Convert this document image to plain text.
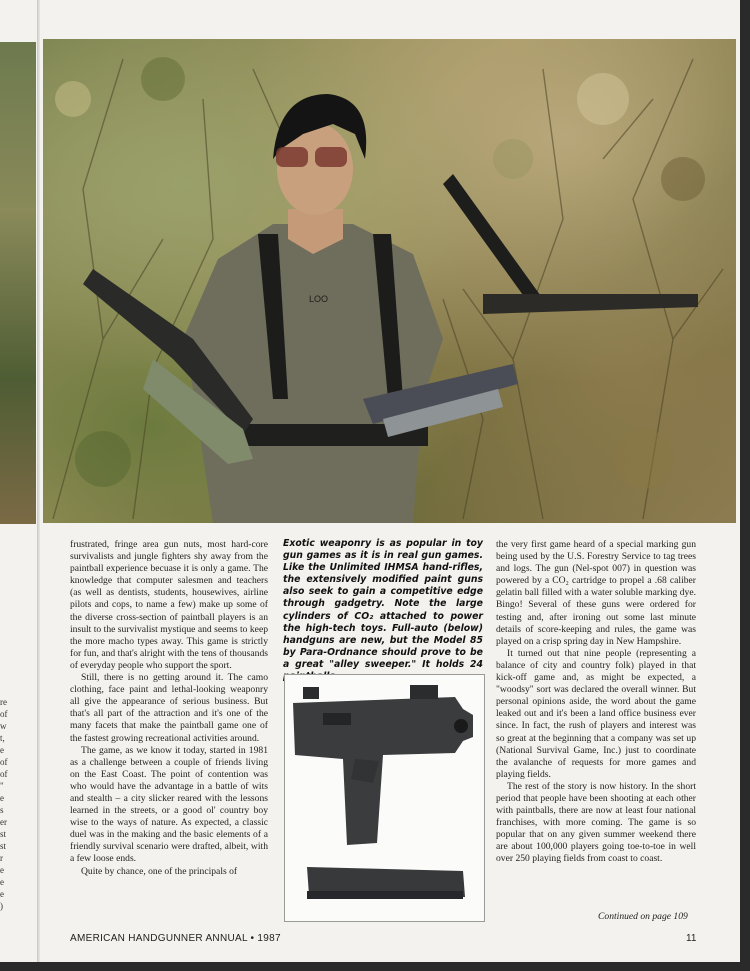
re
of
w
t,
e
of
of
"
e
s
er
st
st
r
e
e
e
)
LOO

frustrated, fringe area gun nuts, most hard-core survivalists and jungle fighters shy away from the paintball experience becuase it is only a game. The knowledge that computer salesmen and teachers (as well as dentists, students, housewives, airline pilots and cops, to name a few) make up some of the diverse cross-section of paintball players is an insult to the survivalist mystique and seems to keep the more macho types away. This game is strictly for fun, and that's alright with the tens of thousands of everyday people who support the sport.

Still, there is no getting around it. The camo clothing, face paint and lethal-looking weaponry all give the appearance of serious business. But that's all part of the attraction and it's one of the many facets that make the paintball game one of the fastest growing recreational activities around.

The game, as we know it today, started in 1981 as a challenge between a couple of friends living on the East Coast. The point of contention was who would have the advantage in a battle of wits and stealth – a city slicker reared with the lessons learned in the streets, or a good ol' country boy wise to the ways of nature. As expected, a classic duel was in the making and the basic elements of a friendly survival scenario were drafted, albeit, with a few loose ends.

Quite by chance, one of the principals of

Exotic weaponry is as popular in toy gun games as it is in real gun games. Like the Unlimited IHMSA hand-rifles, the extensively modified paint guns also seek to gain a competitive edge through gadgetry. Note the large cylinders of CO₂ attached to power the high-tech toys. Full-auto (below) handguns are new, but the Model 85 by Para-Ordnance should prove to be a great "alley sweeper." It holds 24

the very first game heard of a special marking gun being used by the U.S. Forestry Service to tag trees and logs. The gun (Nel-spot 007) in question was powered by a CO₂ cartridge to propel a .68 caliber gelatin ball filled with a water soluble marking dye. Bingo! Several of these guns were ordered for testing and, after ironing out some last minute details of score-keeping and rules, the game was played on a crisp spring day in New Hampshire.

It turned out that nine people (representing a balance of city and country folk) played in that kick-off game and, as might be expected, a "woodsy" sort was declared the overall winner. But personal opinions aside, the word about the game leaked out and it's been a land office business ever since. In fact, the rush of players and interest was so great at the beginning that a company was set up (National Survival Game, Inc.) just to coordinate the avalanche of requests for more games and playing fields.

The rest of the story is now history. In the short period that people have been shooting at each other with paintballs, there are now at least four national franchises, with more coming. The game is so popular that on any given summer weekend there are about 100,000 players going toe-to-toe in well over 250 playing fields from coast to coast.

Continued on page 109
AMERICAN HANDGUNNER ANNUAL • 1987	11
